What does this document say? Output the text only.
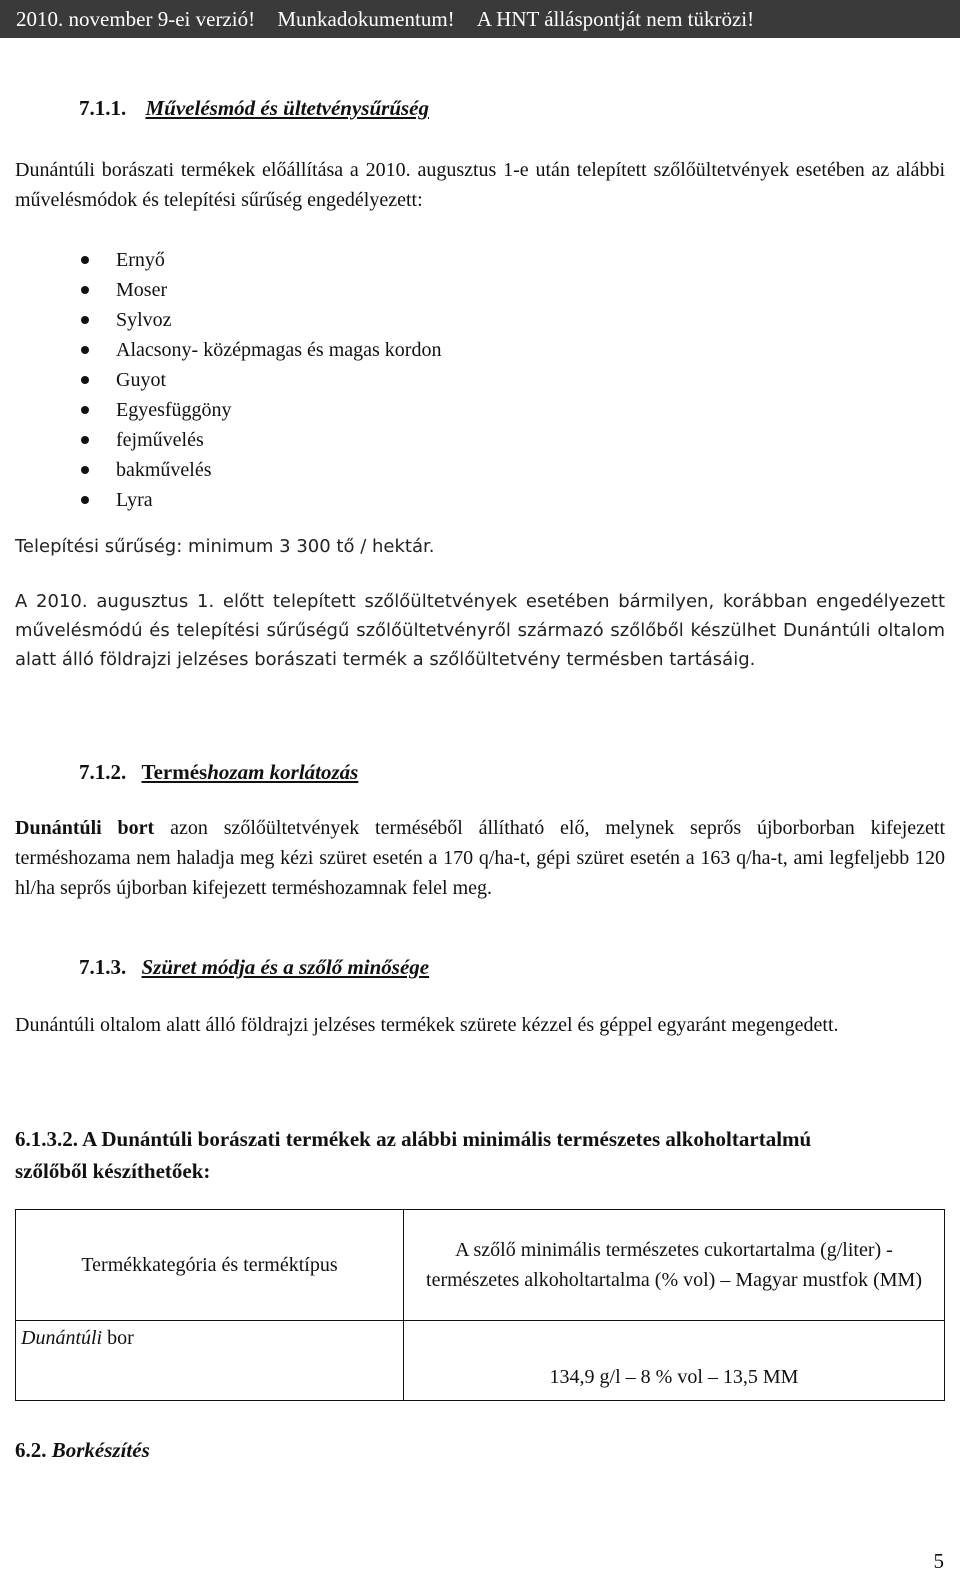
2010. november 9-ei verzió! Munkadokumentum! A HNT álláspontját nem tükrözi!
7.1.1. Művelésmód és ültetvénysűrűség
Dunántúli borászati termékek előállítása a 2010. augusztus 1-e után telepített szőlőültetvények esetében az alábbi művelésmódok és telepítési sűrűség engedélyezett:
Ernyő
Moser
Sylvoz
Alacsony- középmagas és magas kordon
Guyot
Egyesfüggöny
fejművelés
bakművelés
Lyra
Telepítési sűrűség: minimum 3 300 tő / hektár.
A 2010. augusztus 1. előtt telepített szőlőültetvények esetében bármilyen, korábban engedélyezett művelésmódú és telepítési sűrűségű szőlőültetvényről származó szőlőből készülhet Dunántúli oltalom alatt álló földrajzi jelzéses borászati termék a szőlőültetvény termésben tartásáig.
7.1.2. Terméshozam korlátozás
Dunántúli bort azon szőlőültetvények terméséből állítható elő, melynek seprős újborborban kifejezett terméshozama nem haladja meg kézi szüret esetén a 170 q/ha-t, gépi szüret esetén a 163 q/ha-t, ami legfeljebb 120 hl/ha seprős újborban kifejezett terméshozamnak felel meg.
7.1.3. Szüret módja és a szőlő minősége
Dunántúli oltalom alatt álló földrajzi jelzéses termékek szürete kézzel és géppel egyaránt megengedett.
6.1.3.2. A Dunántúli borászati termékek az alábbi minimális természetes alkoholtartalmú szőlőből készíthetőek:
Termékkategória és terméktípus	A szőlő minimális természetes cukortartalma (g/liter) - természetes alkoholtartalma (% vol) – Magyar mustfok (MM)
Dunántúli bor	134,9 g/l – 8 % vol – 13,5 MM
6.2. Borkészítés
5
